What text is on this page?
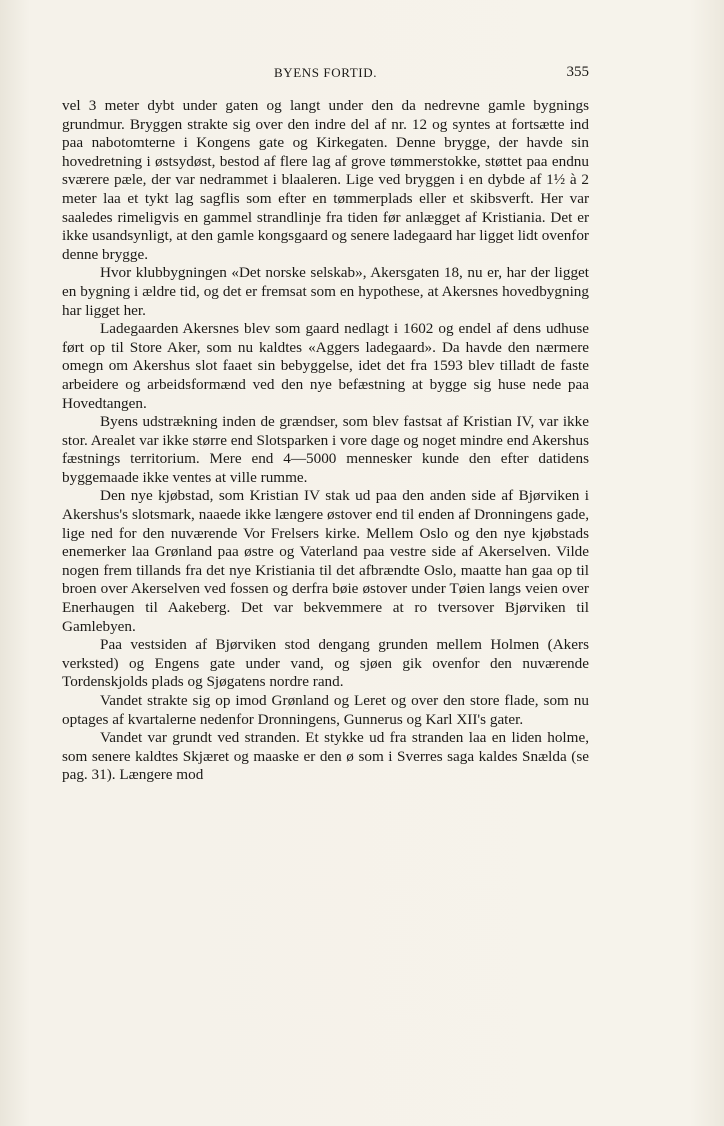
BYENS FORTID.	355

vel 3 meter dybt under gaten og langt under den da nedrevne gamle bygnings grundmur. Bryggen strakte sig over den indre del af nr. 12 og syntes at fortsætte ind paa nabotomterne i Kongens gate og Kirkegaten. Denne brygge, der havde sin hovedretning i østsydøst, bestod af flere lag af grove tømmerstokke, støttet paa endnu sværere pæle, der var nedrammet i blaaleren. Lige ved bryggen i en dybde af 1½ à 2 meter laa et tykt lag sagflis som efter en tømmerplads eller et skibsverft. Her var saaledes rimeligvis en gammel strandlinje fra tiden før anlægget af Kristiania. Det er ikke usandsynligt, at den gamle kongsgaard og senere ladegaard har ligget lidt ovenfor denne brygge.

Hvor klubbygningen «Det norske selskab», Akersgaten 18, nu er, har der ligget en bygning i ældre tid, og det er fremsat som en hypothese, at Akersnes hovedbygning har ligget her.

Ladegaarden Akersnes blev som gaard nedlagt i 1602 og endel af dens udhuse ført op til Store Aker, som nu kaldtes «Aggers ladegaard». Da havde den nærmere omegn om Akershus slot faaet sin bebyggelse, idet det fra 1593 blev tilladt de faste arbeidere og arbeidsformænd ved den nye befæstning at bygge sig huse nede paa Hovedtangen.

Byens udstrækning inden de grændser, som blev fastsat af Kristian IV, var ikke stor. Arealet var ikke større end Slotsparken i vore dage og noget mindre end Akershus fæstnings territorium. Mere end 4—5000 mennesker kunde den efter datidens byggemaade ikke ventes at ville rumme.

Den nye kjøbstad, som Kristian IV stak ud paa den anden side af Bjørviken i Akershus's slotsmark, naaede ikke længere østover end til enden af Dronningens gade, lige ned for den nuværende Vor Frelsers kirke. Mellem Oslo og den nye kjøbstads enemerker laa Grønland paa østre og Vaterland paa vestre side af Akerselven. Vilde nogen frem tillands fra det nye Kristiania til det afbrændte Oslo, maatte han gaa op til broen over Akerselven ved fossen og derfra bøie østover under Tøien langs veien over Enerhaugen til Aakeberg. Det var bekvemmere at ro tversover Bjørviken til Gamlebyen.

Paa vestsiden af Bjørviken stod dengang grunden mellem Holmen (Akers verksted) og Engens gate under vand, og sjøen gik ovenfor den nuværende Tordenskjolds plads og Sjøgatens nordre rand.

Vandet strakte sig op imod Grønland og Leret og over den store flade, som nu optages af kvartalerne nedenfor Dronningens, Gunnerus og Karl XII's gater.

Vandet var grundt ved stranden. Et stykke ud fra stranden laa en liden holme, som senere kaldtes Skjæret og maaske er den ø som i Sverres saga kaldes Snælda (se pag. 31). Længere mod
